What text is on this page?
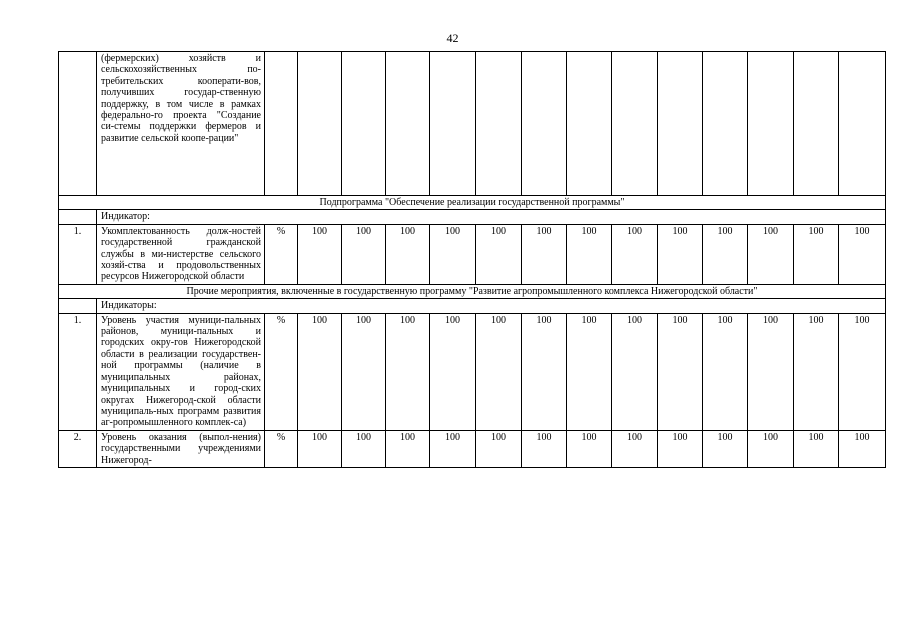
42
	(фермерских) хозяйств и сельскохозяйственных по-требительских кооперати-вов, получивших государ-ственную поддержку, в том числе в рамках федерально-го проекта "Создание си-стемы поддержки фермеров и развитие сельской коопе-рации"														
Подпрограмма "Обеспечение реализации государственной программы"															
	Индикатор:														
1.	Укомплектованность долж-ностей государственной гражданской службы в ми-нистерстве сельского хозяй-ства и продовольственных ресурсов Нижегородской области	%	100	100	100	100	100	100	100	100	100	100	100	100	100
Прочие мероприятия, включенные в государственную программу "Развитие агропромышленного комплекса Нижегородской области"															
	Индикаторы:														
1.	Уровень участия муници-пальных районов, муници-пальных и городских окру-гов Нижегородской области в реализации государствен-ной программы (наличие в муниципальных районах, муниципальных и город-ских округах Нижегород-ской области муниципаль-ных программ развития аг-ропромышленного комплек-са)	%	100	100	100	100	100	100	100	100	100	100	100	100	100
2.	Уровень оказания (выпол-нения) государственными учреждениями Нижегород-	%	100	100	100	100	100	100	100	100	100	100	100	100	100
